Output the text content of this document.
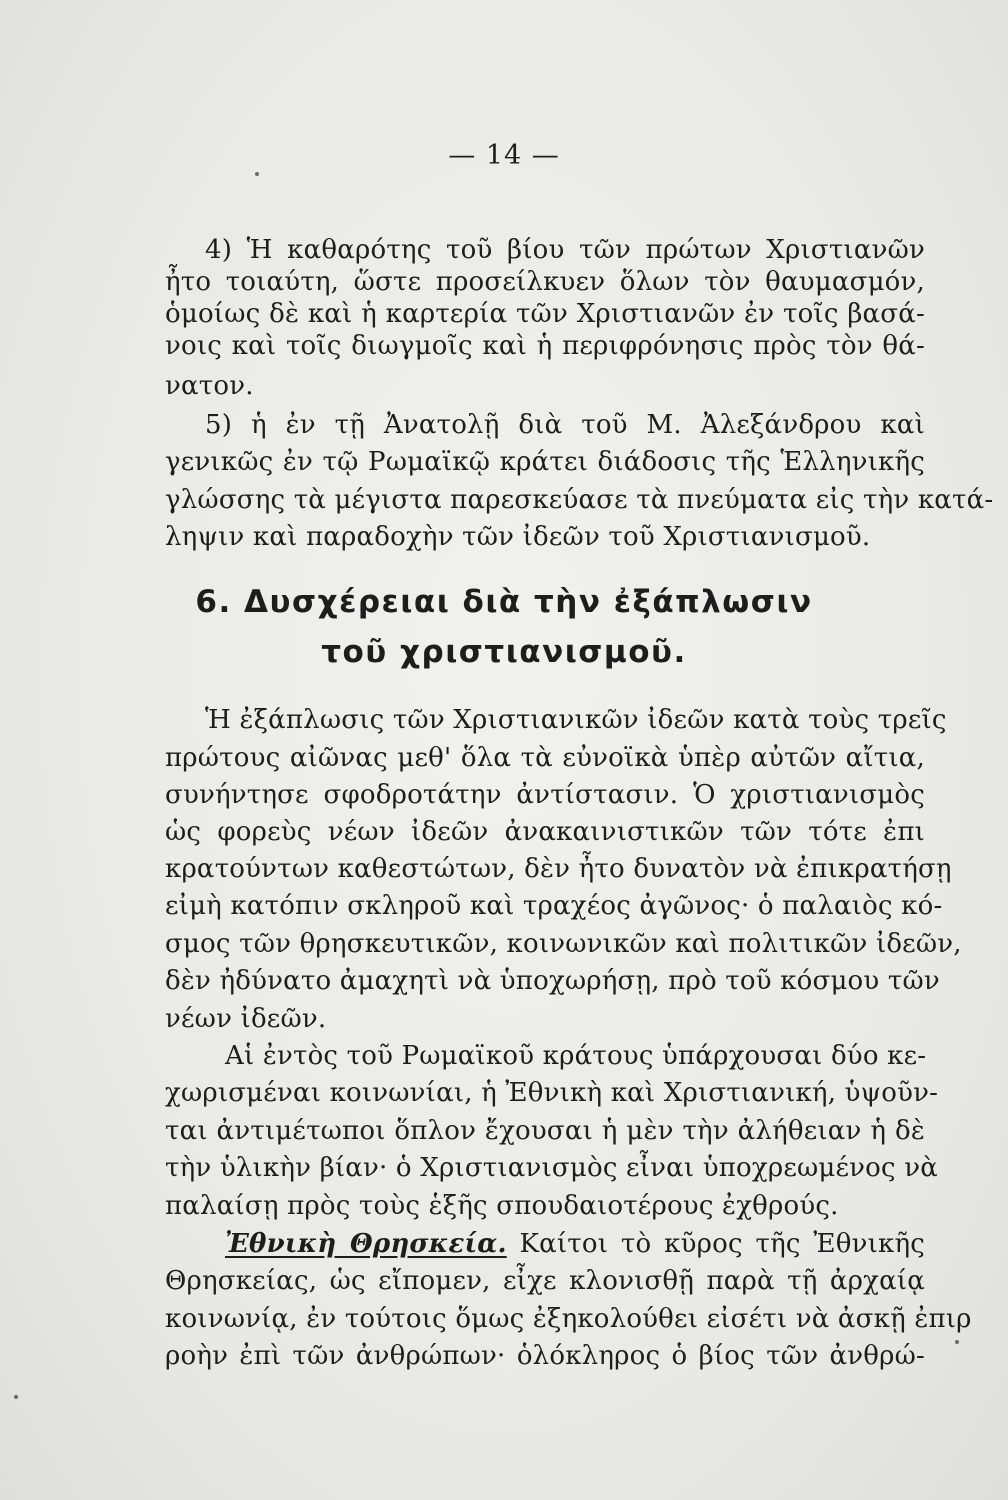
— 14 —
4) Ἡ καθαρότης τοῦ βίου τῶν πρώτων Χριστιανῶν
ἦτο τοιαύτη, ὥστε προσείλκυεν ὅλων τὸν θαυμασμόν,
ὁμοίως δὲ καὶ ἡ καρτερία τῶν Χριστιανῶν ἐν τοῖς βασά-
νοις καὶ τοῖς διωγμοῖς καὶ ἡ περιφρόνησις πρὸς τὸν θά-
νατον.
5) ἡ ἐν τῇ Ἀνατολῇ διὰ τοῦ Μ. Ἀλεξάνδρου καὶ
γενικῶς ἐν τῷ Ρωμαϊκῷ κράτει διάδοσις τῆς Ἑλληνικῆς
γλώσσης τὰ μέγιστα παρεσκεύασε τὰ πνεύματα εἰς τὴν κατά-
ληψιν καὶ παραδοχὴν τῶν ἰδεῶν τοῦ Χριστιανισμοῦ.
6. Δυσχέρειαι διὰ τὴν ἐξάπλωσιν
τοῦ χριστιανισμοῦ.
Ἡ ἐξάπλωσις τῶν Χριστιανικῶν ἰδεῶν κατὰ τοὺς τρεῖς
πρώτους αἰῶνας μεθ' ὅλα τὰ εὐνοϊκὰ ὑπὲρ αὐτῶν αἴτια,
συνήντησε σφοδροτάτην ἀντίστασιν. Ὁ χριστιανισμὸς
ὡς φορεὺς νέων ἰδεῶν ἀνακαινιστικῶν τῶν τότε ἐπι
κρατούντων καθεστώτων, δὲν ἦτο δυνατὸν νὰ ἐπικρατήσῃ
εἰμὴ κατόπιν σκληροῦ καὶ τραχέος ἀγῶνος· ὁ παλαιὸς κό-
σμος τῶν θρησκευτικῶν, κοινωνικῶν καὶ πολιτικῶν ἰδεῶν,
δὲν ἠδύνατο ἀμαχητὶ νὰ ὑποχωρήσῃ, πρὸ τοῦ κόσμου τῶν
νέων ἰδεῶν.
Αἱ ἐντὸς τοῦ Ρωμαϊκοῦ κράτους ὑπάρχουσαι δύο κε-
χωρισμέναι κοινωνίαι, ἡ Ἐθνικὴ καὶ Χριστιανική, ὑψοῦν-
ται ἀντιμέτωποι ὅπλον ἔχουσαι ἡ μὲν τὴν ἀλήθειαν ἡ δὲ
τὴν ὑλικὴν βίαν· ὁ Χριστιανισμὸς εἶναι ὑποχρεωμένος νὰ
παλαίσῃ πρὸς τοὺς ἑξῆς σπουδαιοτέρους ἐχθρούς.
Ἐθνικὴ Θρησκεία. Καίτοι τὸ κῦρος τῆς Ἐθνικῆς
Θρησκείας, ὡς εἴπομεν, εἶχε κλονισθῇ παρὰ τῇ ἀρχαίᾳ
κοινωνίᾳ, ἐν τούτοις ὅμως ἐξηκολούθει εἰσέτι νὰ ἀσκῇ ἐπιρ
ροὴν ἐπὶ τῶν ἀνθρώπων· ὁλόκληρος ὁ βίος τῶν ἀνθρώ-
